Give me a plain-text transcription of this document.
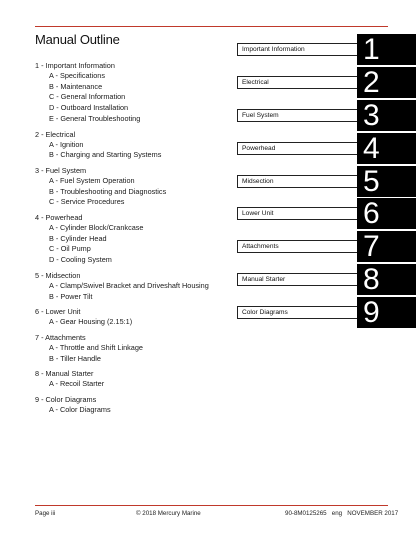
Manual Outline
1 - Important Information
A - Specifications
B - Maintenance
C - General Information
D - Outboard Installation
E - General Troubleshooting
2 - Electrical
A - Ignition
B - Charging and Starting Systems
3 - Fuel System
A - Fuel System Operation
B - Troubleshooting and Diagnostics
C - Service Procedures
4 - Powerhead
A - Cylinder Block/Crankcase
B - Cylinder Head
C - Oil Pump
D - Cooling System
5 - Midsection
A - Clamp/Swivel Bracket and Driveshaft Housing
B - Power Tilt
6 - Lower Unit
A - Gear Housing (2.15:1)
7 - Attachments
A - Throttle and Shift Linkage
B - Tiller Handle
8 - Manual Starter
A - Recoil Starter
9 - Color Diagrams
A - Color Diagrams
Important Information	1
Electrical	2
Fuel System	3
Powerhead	4
Midsection	5
Lower Unit	6
Attachments	7
Manual Starter	8
Color Diagrams	9
Page iii	© 2018 Mercury Marine	90-8M0125265   eng   NOVEMBER 2017
